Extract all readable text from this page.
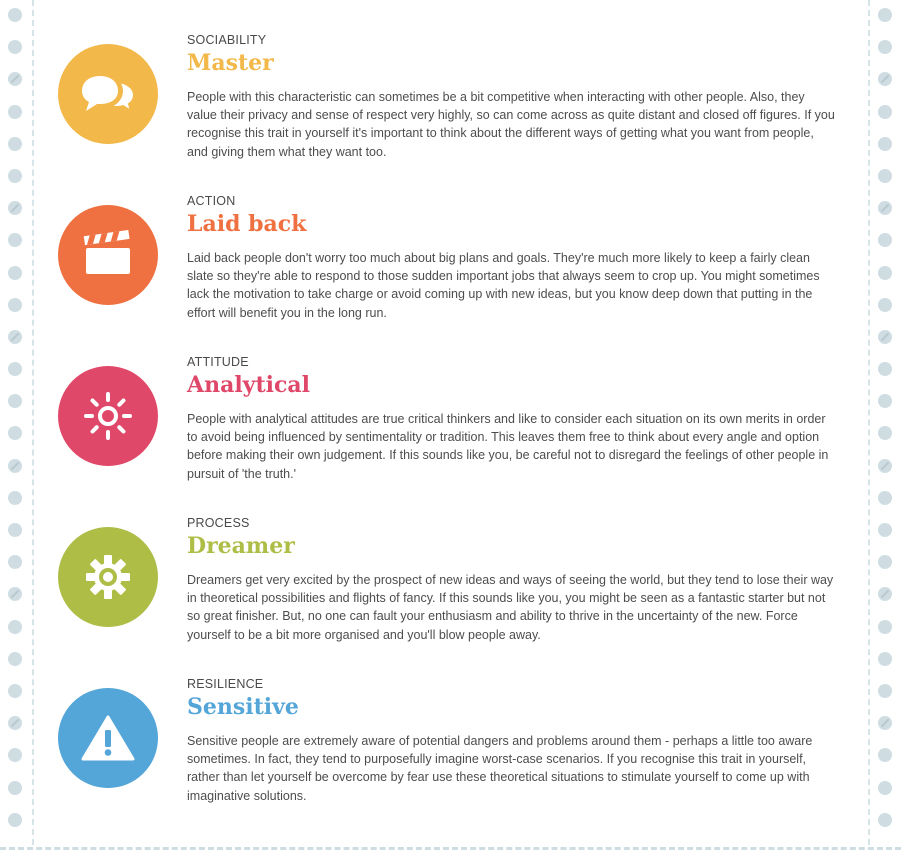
SOCIABILITY

Master

People with this characteristic can sometimes be a bit competitive when interacting with other people. Also, they value their privacy and sense of respect very highly, so can come across as quite distant and closed off figures. If you recognise this trait in yourself it's important to think about the different ways of getting what you want from people, and giving them what they want too.

ACTION

Laid back

Laid back people don't worry too much about big plans and goals. They're much more likely to keep a fairly clean slate so they're able to respond to those sudden important jobs that always seem to crop up. You might sometimes lack the motivation to take charge or avoid coming up with new ideas, but you know deep down that putting in the effort will benefit you in the long run.

ATTITUDE

Analytical

People with analytical attitudes are true critical thinkers and like to consider each situation on its own merits in order to avoid being influenced by sentimentality or tradition. This leaves them free to think about every angle and option before making their own judgement. If this sounds like you, be careful not to disregard the feelings of other people in pursuit of 'the truth.'

PROCESS

Dreamer

Dreamers get very excited by the prospect of new ideas and ways of seeing the world, but they tend to lose their way in theoretical possibilities and flights of fancy. If this sounds like you, you might be seen as a fantastic starter but not so great finisher. But, no one can fault your enthusiasm and ability to thrive in the uncertainty of the new. Force yourself to be a bit more organised and you'll blow people away.

RESILIENCE

Sensitive

Sensitive people are extremely aware of potential dangers and problems around them - perhaps a little too aware sometimes. In fact, they tend to purposefully imagine worst-case scenarios. If you recognise this trait in yourself, rather than let yourself be overcome by fear use these theoretical situations to stimulate yourself to come up with imaginative solutions.
